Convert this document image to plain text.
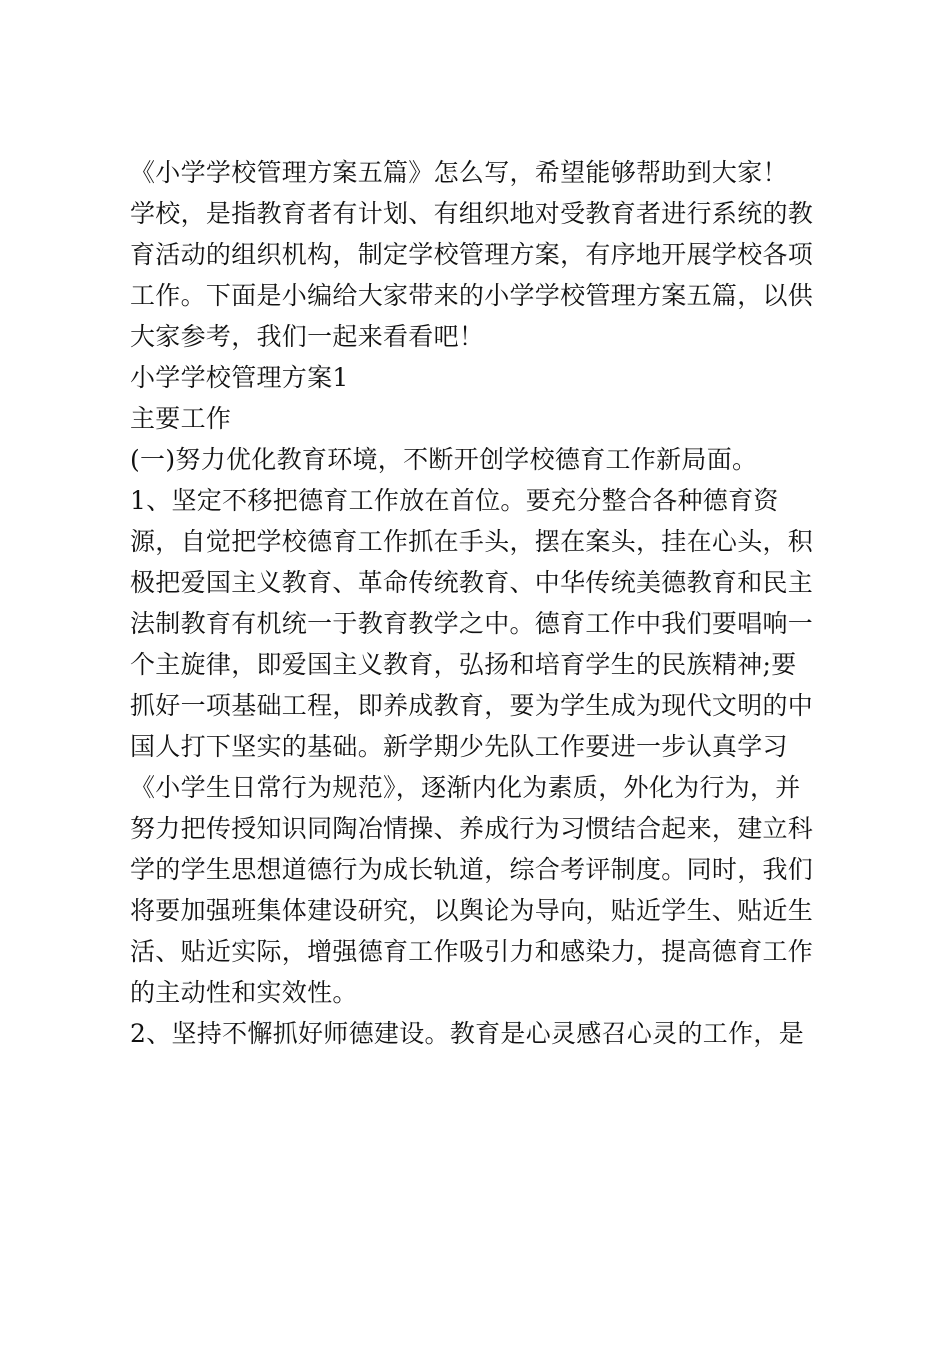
《小学学校管理方案五篇》怎么写，希望能够帮助到大家！
学校，是指教育者有计划、有组织地对受教育者进行系统的教
育活动的组织机构，制定学校管理方案，有序地开展学校各项
工作。下面是小编给大家带来的小学学校管理方案五篇，以供
大家参考，我们一起来看看吧！
小学学校管理方案1
主要工作
(一)努力优化教育环境，不断开创学校德育工作新局面。
1、坚定不移把德育工作放在首位。要充分整合各种德育资
源，自觉把学校德育工作抓在手头，摆在案头，挂在心头，积
极把爱国主义教育、革命传统教育、中华传统美德教育和民主
法制教育有机统一于教育教学之中。德育工作中我们要唱响一
个主旋律，即爱国主义教育，弘扬和培育学生的民族精神;要
抓好一项基础工程，即养成教育，要为学生成为现代文明的中
国人打下坚实的基础。新学期少先队工作要进一步认真学习
《小学生日常行为规范》，逐渐内化为素质，外化为行为，并
努力把传授知识同陶冶情操、养成行为习惯结合起来，建立科
学的学生思想道德行为成长轨道，综合考评制度。同时，我们
将要加强班集体建设研究，以舆论为导向，贴近学生、贴近生
活、贴近实际，增强德育工作吸引力和感染力，提高德育工作
的主动性和实效性。
2、坚持不懈抓好师德建设。教育是心灵感召心灵的工作，是
